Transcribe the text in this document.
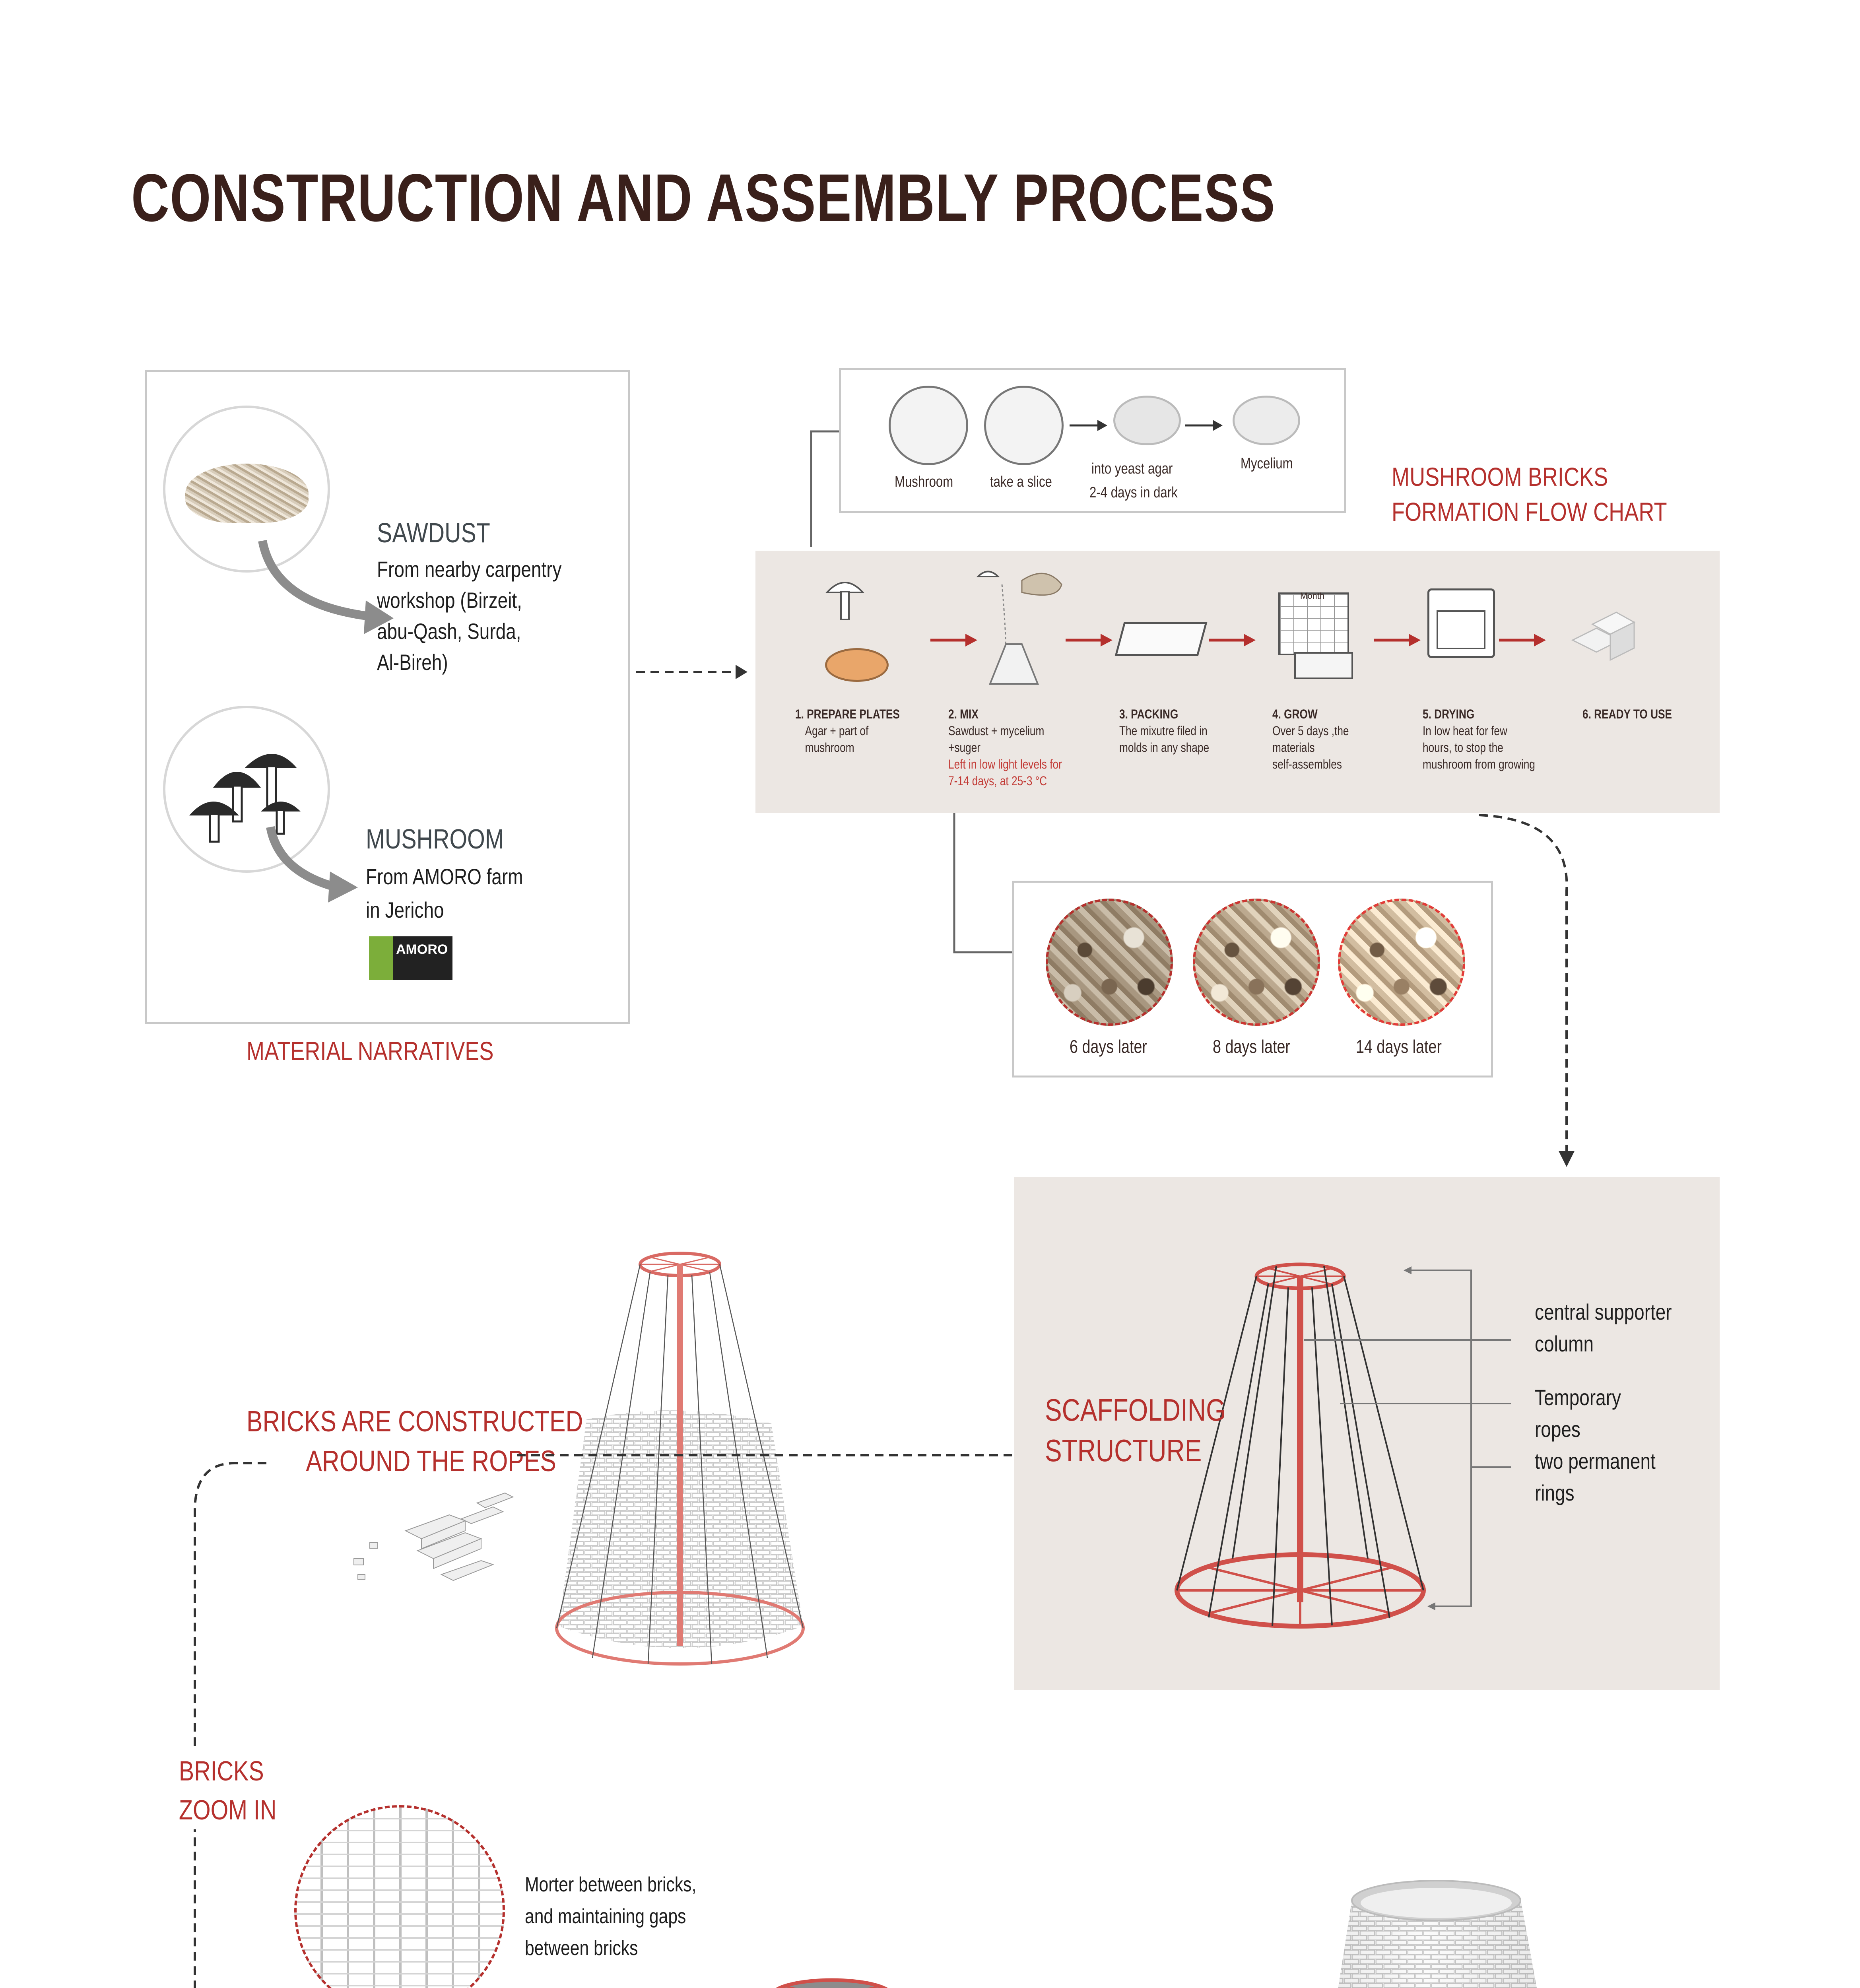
CONSTRUCTION AND ASSEMBLY PROCESS
SAWDUST
From nearby carpentry
workshop (Birzeit,
abu-Qash, Surda,
Al-Bireh)
MUSHROOM
From AMORO farm
in Jericho
AMORO
MATERIAL NARRATIVES
Mushroom take a slice
into yeast agar
2-4 days in dark
Mycelium	MUSHROOM BRICKS
FORMATION FLOW CHART
Month
1. PREPARE PLATES
Agar + part of
mushroom
2. MIX
Sawdust + mycelium
+suger
Left in low light levels for
7-14 days, at 25-3 °C
3. PACKING
The mixutre filed in
molds in any shape
4. GROW
Over 5 days ,the
materials
self-assembles
5. DRYING
In low heat for few
hours, to stop the
mushroom from growing
6. READY TO USE
6 days later	8 days later	14 days later
SCAFFOLDING
STRUCTURE
central supporter
column
Temporary
ropes
two permanent
rings
BRICKS ARE CONSTRUCTED
AROUND THE ROPES
BRICKS
ZOOM IN
Morter between bricks,
and maintaining gaps
between bricks
